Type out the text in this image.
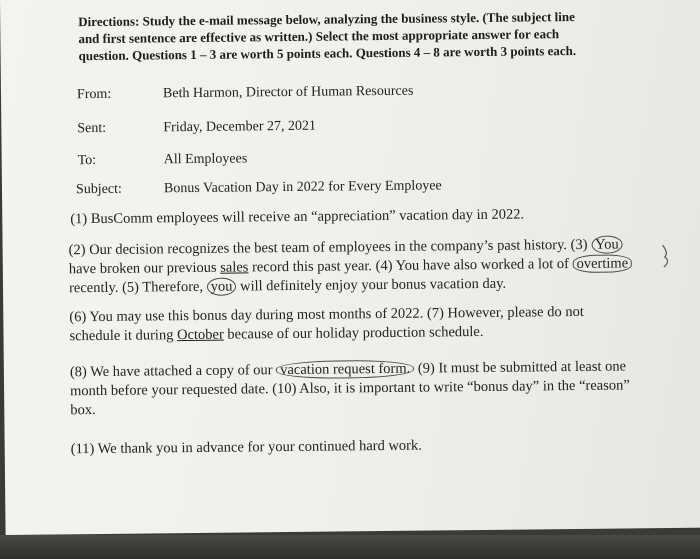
Directions: Study the e-mail message below, analyzing the business style. (The subject line
and first sentence are effective as written.) Select the most appropriate answer for each
question. Questions 1 – 3 are worth 5 points each. Questions 4 – 8 are worth 3 points each.
From:	Beth Harmon, Director of Human Resources
Sent:	Friday, December 27, 2021
To:	All Employees
Subject:	Bonus Vacation Day in 2022 for Every Employee
(1) BusComm employees will receive an “appreciation” vacation day in 2022.
(2) Our decision recognizes the best team of employees in the company’s past history. (3) You
have broken our previous sales record this past year. (4) You have also worked a lot of overtime
recently. (5) Therefore, you will definitely enjoy your bonus vacation day.
(6) You may use this bonus day during most months of 2022. (7) However, please do not
schedule it during October because of our holiday production schedule.
(8) We have attached a copy of our vacation request form. (9) It must be submitted at least one
month before your requested date. (10) Also, it is important to write “bonus day” in the “reason”
box.
(11) We thank you in advance for your continued hard work.
